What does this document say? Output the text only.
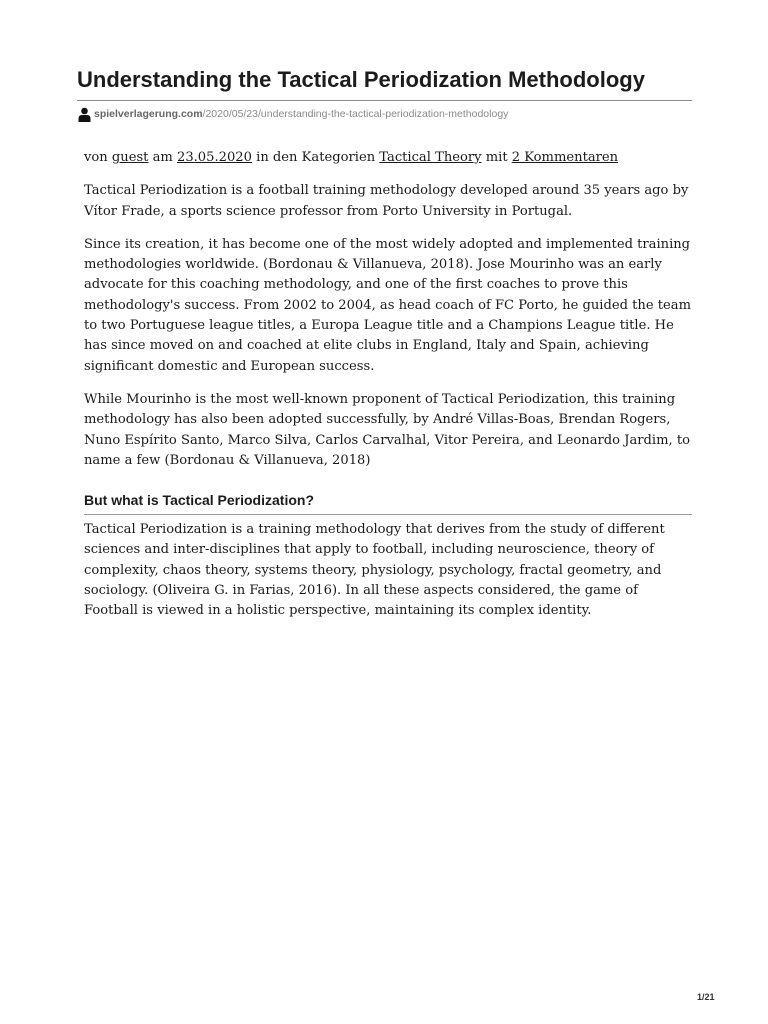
Understanding the Tactical Periodization Methodology
spielverlagerung.com /2020/05/23/understanding-the-tactical-periodization-methodology

von guest am 23.05.2020 in den Kategorien Tactical Theory mit 2 Kommentaren

Tactical Periodization is a football training methodology developed around 35 years ago by Vítor Frade, a sports science professor from Porto University in Portugal.

Since its creation, it has become one of the most widely adopted and implemented training methodologies worldwide. (Bordonau & Villanueva, 2018). Jose Mourinho was an early advocate for this coaching methodology, and one of the first coaches to prove this methodology's success. From 2002 to 2004, as head coach of FC Porto, he guided the team to two Portuguese league titles, a Europa League title and a Champions League title. He has since moved on and coached at elite clubs in England, Italy and Spain, achieving significant domestic and European success.

While Mourinho is the most well-known proponent of Tactical Periodization, this training methodology has also been adopted successfully, by André Villas-Boas, Brendan Rogers, Nuno Espírito Santo, Marco Silva, Carlos Carvalhal, Vitor Pereira, and Leonardo Jardim, to name a few (Bordonau & Villanueva, 2018)

But what is Tactical Periodization?

Tactical Periodization is a training methodology that derives from the study of different sciences and inter-disciplines that apply to football, including neuroscience, theory of complexity, chaos theory, systems theory, physiology, psychology, fractal geometry, and sociology. (Oliveira G. in Farias, 2016). In all these aspects considered, the game of Football is viewed in a holistic perspective, maintaining its complex identity.

1/21
